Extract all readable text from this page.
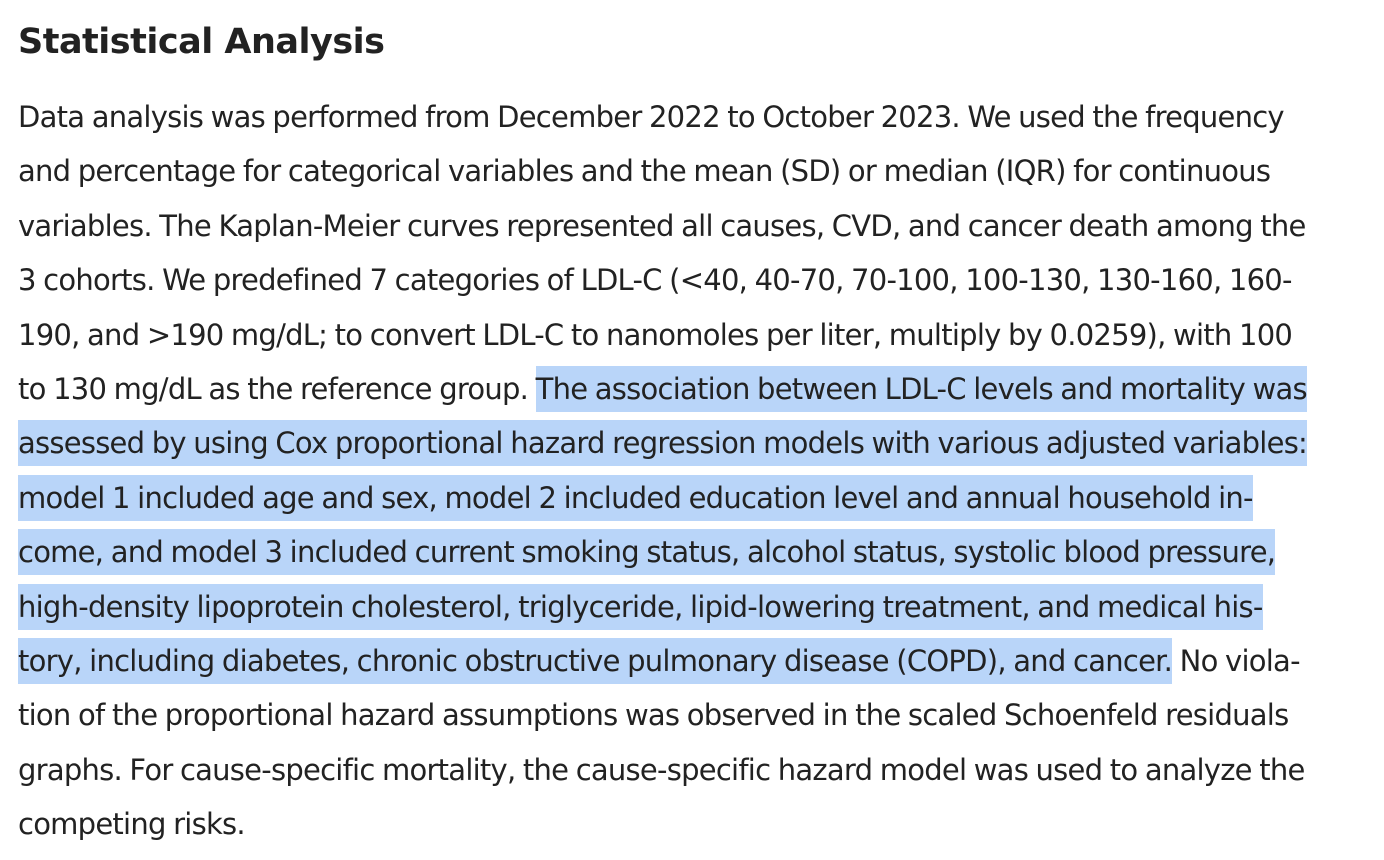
Statistical Analysis
Data analysis was performed from December 2022 to October 2023. We used the frequency
and percentage for categorical variables and the mean (SD) or median (IQR) for continuous
variables. The Kaplan-Meier curves represented all causes, CVD, and cancer death among the
3 cohorts. We predefined 7 categories of LDL-C (<40, 40-70, 70-100, 100-130, 130-160, 160-
190, and >190 mg/dL; to convert LDL-C to nanomoles per liter, multiply by 0.0259), with 100
to 130 mg/dL as the reference group. The association between LDL-C levels and mortality was
assessed by using Cox proportional hazard regression models with various adjusted variables:
model 1 included age and sex, model 2 included education level and annual household in-
come, and model 3 included current smoking status, alcohol status, systolic blood pressure,
high-density lipoprotein cholesterol, triglyceride, lipid-lowering treatment, and medical his-
tory, including diabetes, chronic obstructive pulmonary disease (COPD), and cancer. No viola-
tion of the proportional hazard assumptions was observed in the scaled Schoenfeld residuals
graphs. For cause-specific mortality, the cause-specific hazard model was used to analyze the
competing risks.
